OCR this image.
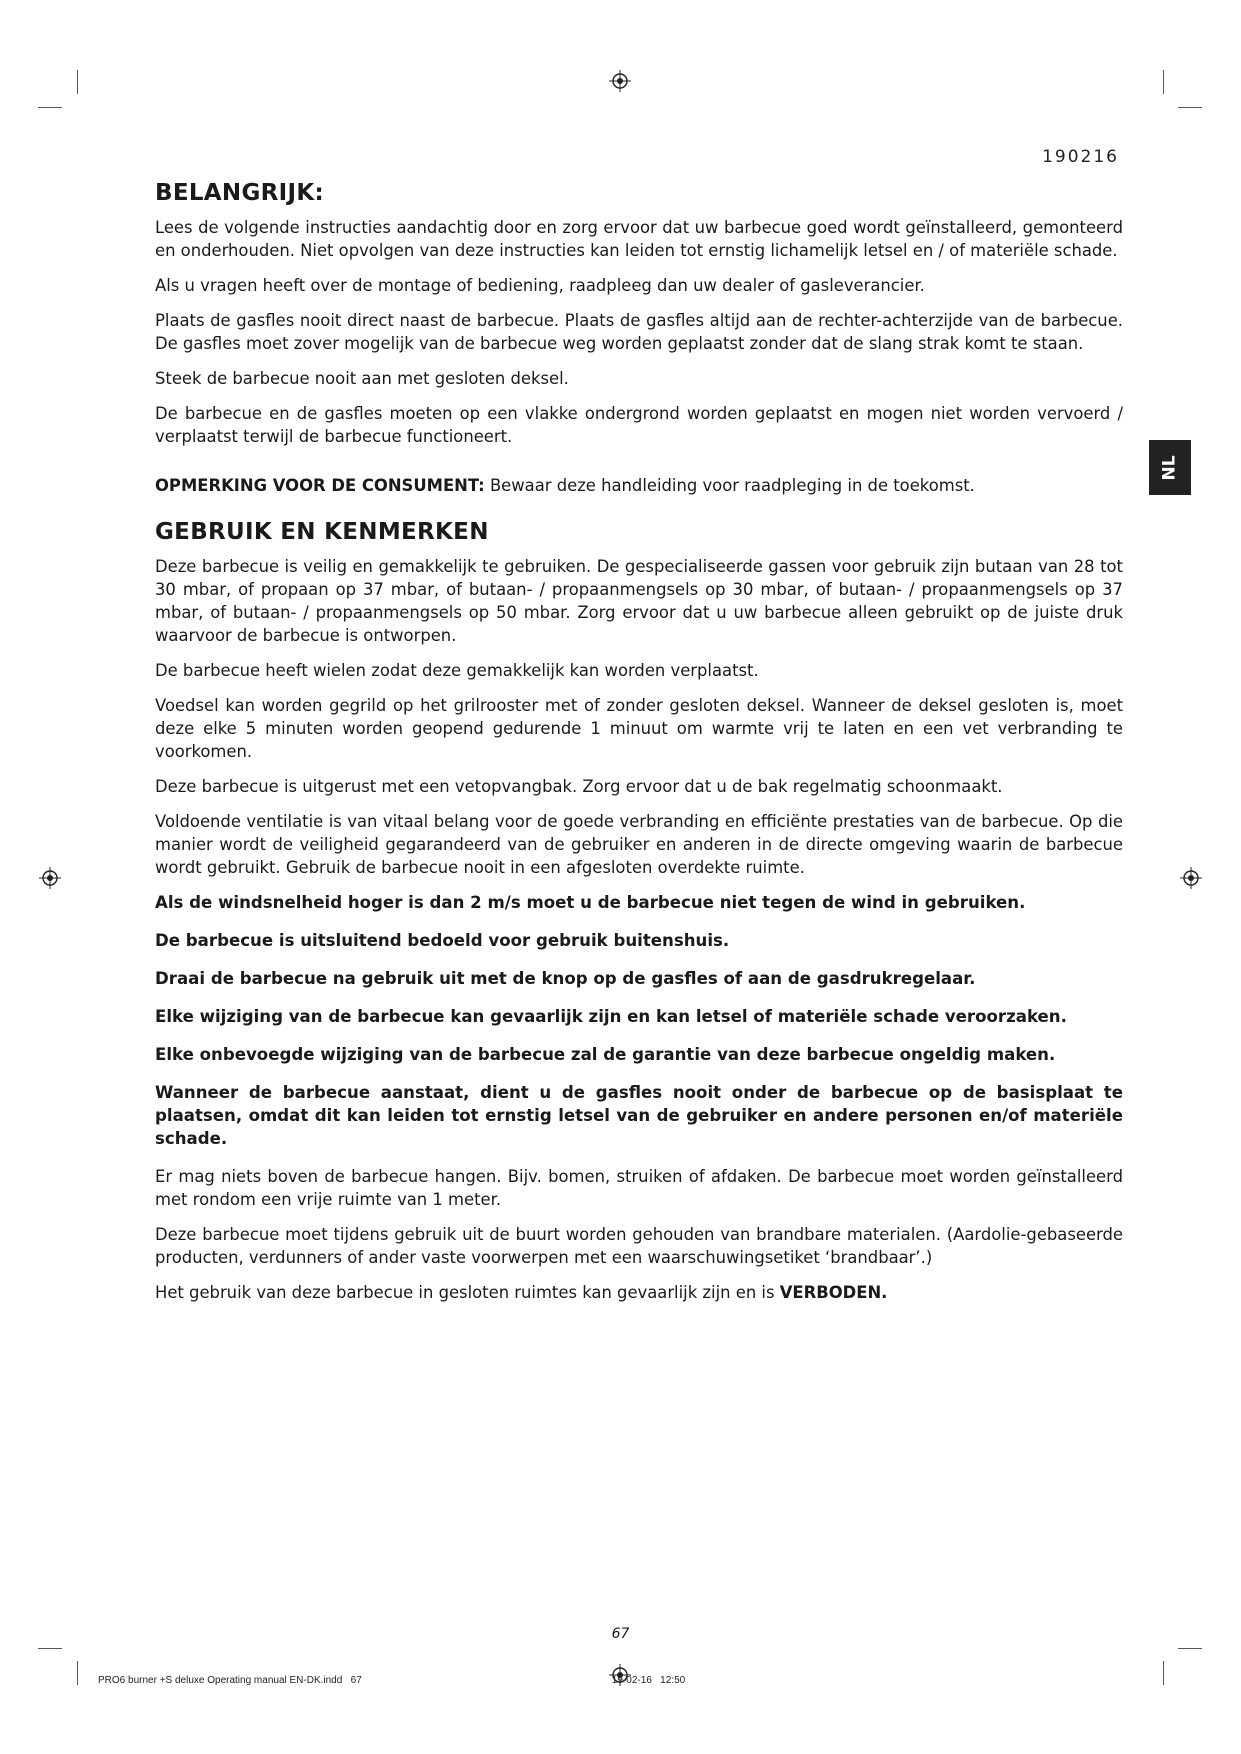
190216
NL
BELANGRIJK:

Lees de volgende instructies aandachtig door en zorg ervoor dat uw barbecue goed wordt geïnstalleerd, gemonteerd en onderhouden. Niet opvolgen van deze instructies kan leiden tot ernstig lichamelijk letsel en / of materiële schade.

Als u vragen heeft over de montage of bediening, raadpleeg dan uw dealer of gasleverancier.

Plaats de gasfles nooit direct naast de barbecue. Plaats de gasfles altijd aan de rechter-achterzijde van de barbecue. De gasfles moet zover mogelijk van de barbecue weg worden geplaatst zonder dat de slang strak komt te staan.

Steek de barbecue nooit aan met gesloten deksel.

De barbecue en de gasfles moeten op een vlakke ondergrond worden geplaatst en mogen niet worden vervoerd / verplaatst terwijl de barbecue functioneert.

OPMERKING VOOR DE CONSUMENT: Bewaar deze handleiding voor raadpleging in de toekomst.

GEBRUIK EN KENMERKEN

Deze barbecue is veilig en gemakkelijk te gebruiken. De gespecialiseerde gassen voor gebruik zijn butaan van 28 tot 30 mbar, of propaan op 37 mbar, of butaan- / propaanmengsels op 30 mbar, of butaan- / propaanmengsels op 37 mbar, of butaan- / propaanmengsels op 50 mbar. Zorg ervoor dat u uw barbecue alleen gebruikt op de juiste druk waarvoor de barbecue is ontworpen.

De barbecue heeft wielen zodat deze gemakkelijk kan worden verplaatst.

Voedsel kan worden gegrild op het grilrooster met of zonder gesloten deksel. Wanneer de deksel gesloten is, moet deze elke 5 minuten worden geopend gedurende 1 minuut om warmte vrij te laten en een vet verbranding te voorkomen.

Deze barbecue is uitgerust met een vetopvangbak. Zorg ervoor dat u de bak regelmatig schoonmaakt.

Voldoende ventilatie is van vitaal belang voor de goede verbranding en efficiënte prestaties van de barbecue. Op die manier wordt de veiligheid gegarandeerd van de gebruiker en anderen in de directe omgeving waarin de barbecue wordt gebruikt. Gebruik de barbecue nooit in een afgesloten overdekte ruimte.

Als de windsnelheid hoger is dan 2 m/s moet u de barbecue niet tegen de wind in gebruiken.

De barbecue is uitsluitend bedoeld voor gebruik buitenshuis.

Draai de barbecue na gebruik uit met de knop op de gasfles of aan de gasdrukregelaar.

Elke wijziging van de barbecue kan gevaarlijk zijn en kan letsel of materiële schade veroorzaken.

Elke onbevoegde wijziging van de barbecue zal de garantie van deze barbecue ongeldig maken.

Wanneer de barbecue aanstaat, dient u de gasfles nooit onder de barbecue op de basisplaat te plaatsen, omdat dit kan leiden tot ernstig letsel van de gebruiker en andere personen en/of materiële schade.

Er mag niets boven de barbecue hangen. Bijv. bomen, struiken of afdaken. De barbecue moet worden geïnstalleerd met rondom een vrije ruimte van 1 meter.

Deze barbecue moet tijdens gebruik uit de buurt worden gehouden van brandbare materialen. (Aardolie-gebaseerde producten, verdunners of ander vaste voorwerpen met een waarschuwingsetiket ‘brandbaar’.)

Het gebruik van deze barbecue in gesloten ruimtes kan gevaarlijk zijn en is VERBODEN.

67
PRO6 burner +S deluxe Operating manual EN-DK.indd   67                                                                                          19-02-16   12:50
